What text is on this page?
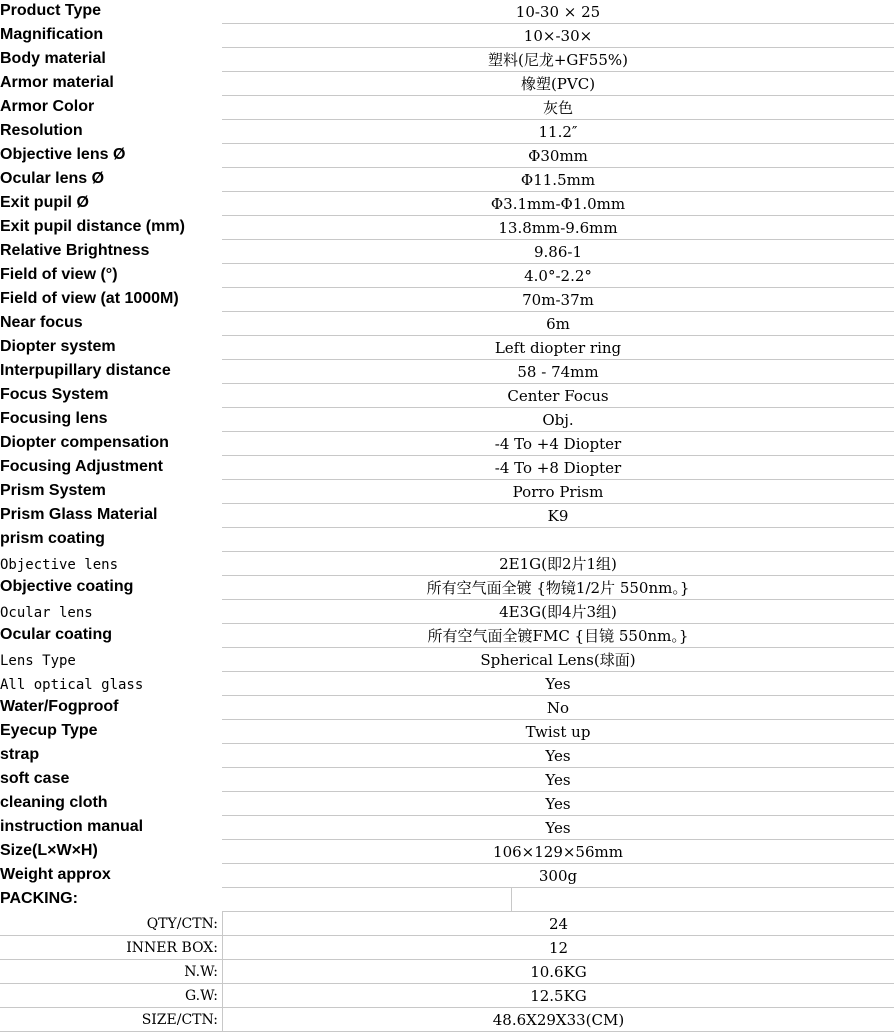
Product Type	10-30 × 25
Magnification	10×-30×
Body material	塑料(尼龙+GF55%)
Armor material	橡塑(PVC)
Armor Color	灰色
Resolution	11.2″
Objective lens Ø	Φ30mm
Ocular lens Ø	Φ11.5mm
Exit pupil Ø	Φ3.1mm-Φ1.0mm
Exit pupil distance (mm)	13.8mm-9.6mm
Relative Brightness	9.86-1
Field of view (°)	4.0°-2.2°
Field of view (at 1000M)	70m-37m
Near focus	6m
Diopter system	Left diopter ring
Interpupillary distance	58 - 74mm
Focus System	Center Focus
Focusing lens	Obj.
Diopter compensation	-4 To +4 Diopter
Focusing Adjustment	-4 To +8 Diopter
Prism System	Porro Prism
Prism Glass Material	K9
prism coating
Objective lens	2E1G(即2片1组)
Objective coating	所有空气面全镀 {物镜1/2片 550nm。}
Ocular lens	4E3G(即4片3组)
Ocular coating	所有空气面全镀FMC {目镜 550nm。}
Lens Type	Spherical Lens(球面)
All optical glass	Yes
Water/Fogproof	No
Eyecup Type	Twist up
strap	Yes
soft case	Yes
cleaning cloth	Yes
instruction manual	Yes
Size(L×W×H)	106×129×56mm
Weight approx	300g
PACKING:
QTY/CTN:	24
INNER BOX:	12
N.W:	10.6KG
G.W:	12.5KG
SIZE/CTN:	48.6X29X33(CM)
